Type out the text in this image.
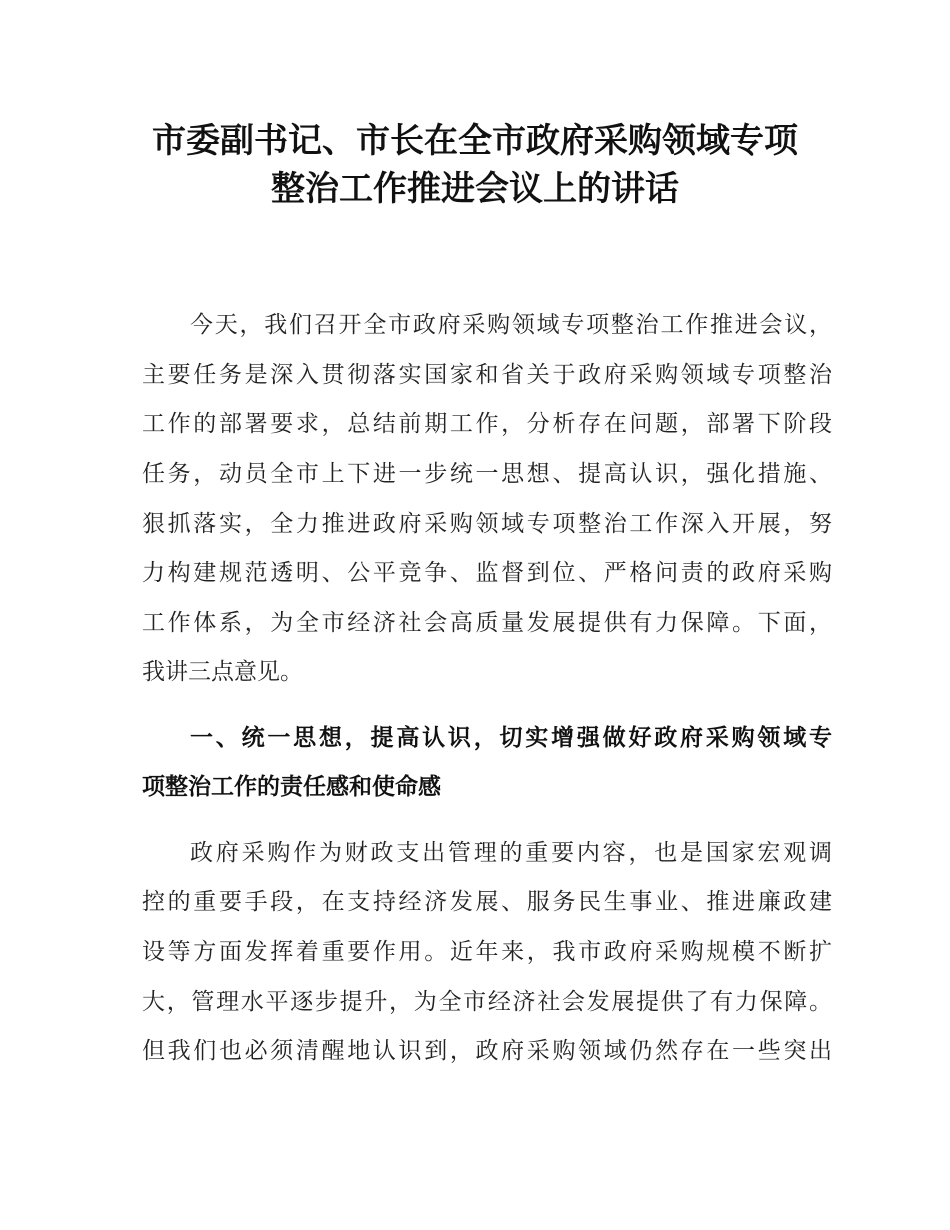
市委副书记、市长在全市政府采购领域专项
整治工作推进会议上的讲话
今天，我们召开全市政府采购领域专项整治工作推进会议，
主要任务是深入贯彻落实国家和省关于政府采购领域专项整治
工作的部署要求，总结前期工作，分析存在问题，部署下阶段
任务，动员全市上下进一步统一思想、提高认识，强化措施、
狠抓落实，全力推进政府采购领域专项整治工作深入开展，努
力构建规范透明、公平竞争、监督到位、严格问责的政府采购
工作体系，为全市经济社会高质量发展提供有力保障。下面，
我讲三点意见。
一、统一思想，提高认识，切实增强做好政府采购领域专
项整治工作的责任感和使命感
政府采购作为财政支出管理的重要内容，也是国家宏观调
控的重要手段，在支持经济发展、服务民生事业、推进廉政建
设等方面发挥着重要作用。近年来，我市政府采购规模不断扩
大，管理水平逐步提升，为全市经济社会发展提供了有力保障。
但我们也必须清醒地认识到，政府采购领域仍然存在一些突出
